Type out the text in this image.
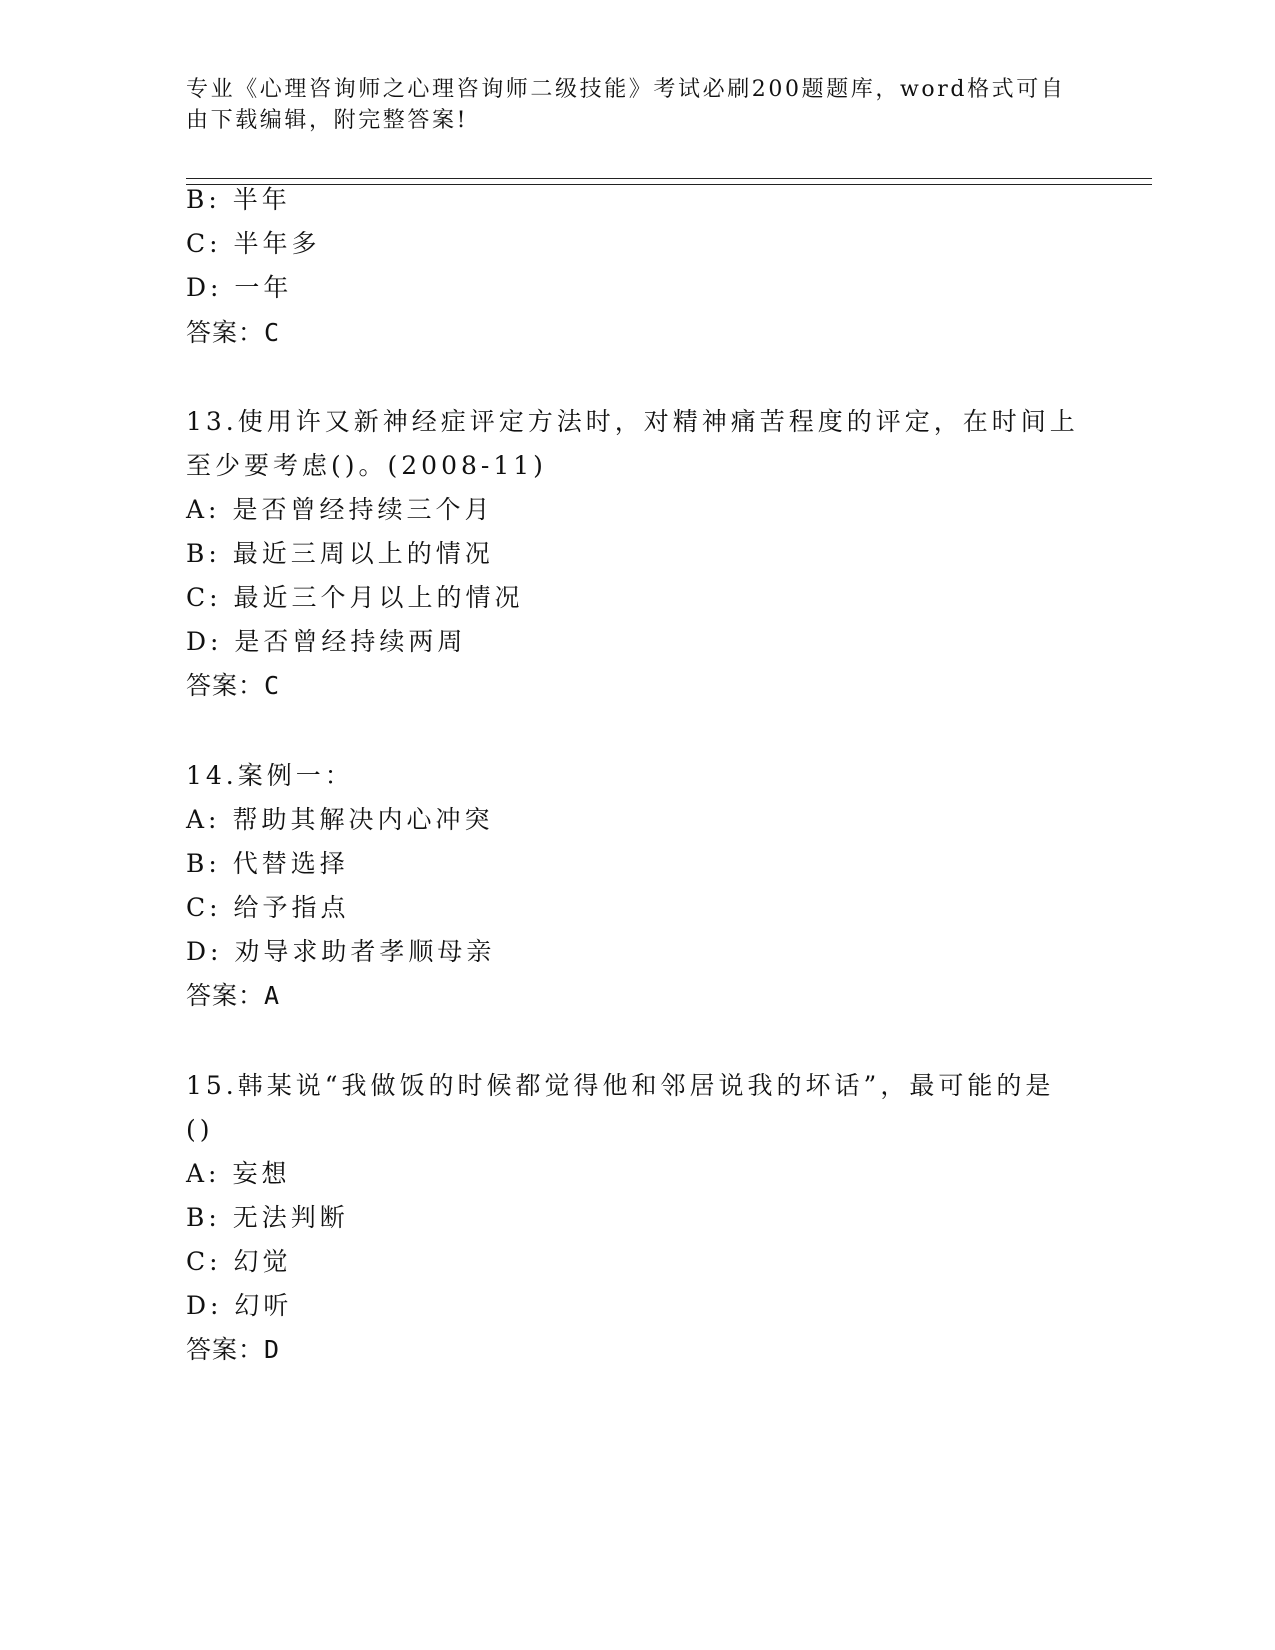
专业《心理咨询师之心理咨询师二级技能》考试必刷200题题库，word格式可自由下载编辑，附完整答案!
B: 半年
C: 半年多
D: 一年
答案：C
13.使用许又新神经症评定方法时，对精神痛苦程度的评定，在时间上
至少要考虑()。(2008-11)
A: 是否曾经持续三个月
B: 最近三周以上的情况
C: 最近三个月以上的情况
D: 是否曾经持续两周
答案：C
14.案例一：
A: 帮助其解决内心冲突
B: 代替选择
C: 给予指点
D: 劝导求助者孝顺母亲
答案：A
15.韩某说“我做饭的时候都觉得他和邻居说我的坏话”，最可能的是
()
A: 妄想
B: 无法判断
C: 幻觉
D: 幻听
答案：D
